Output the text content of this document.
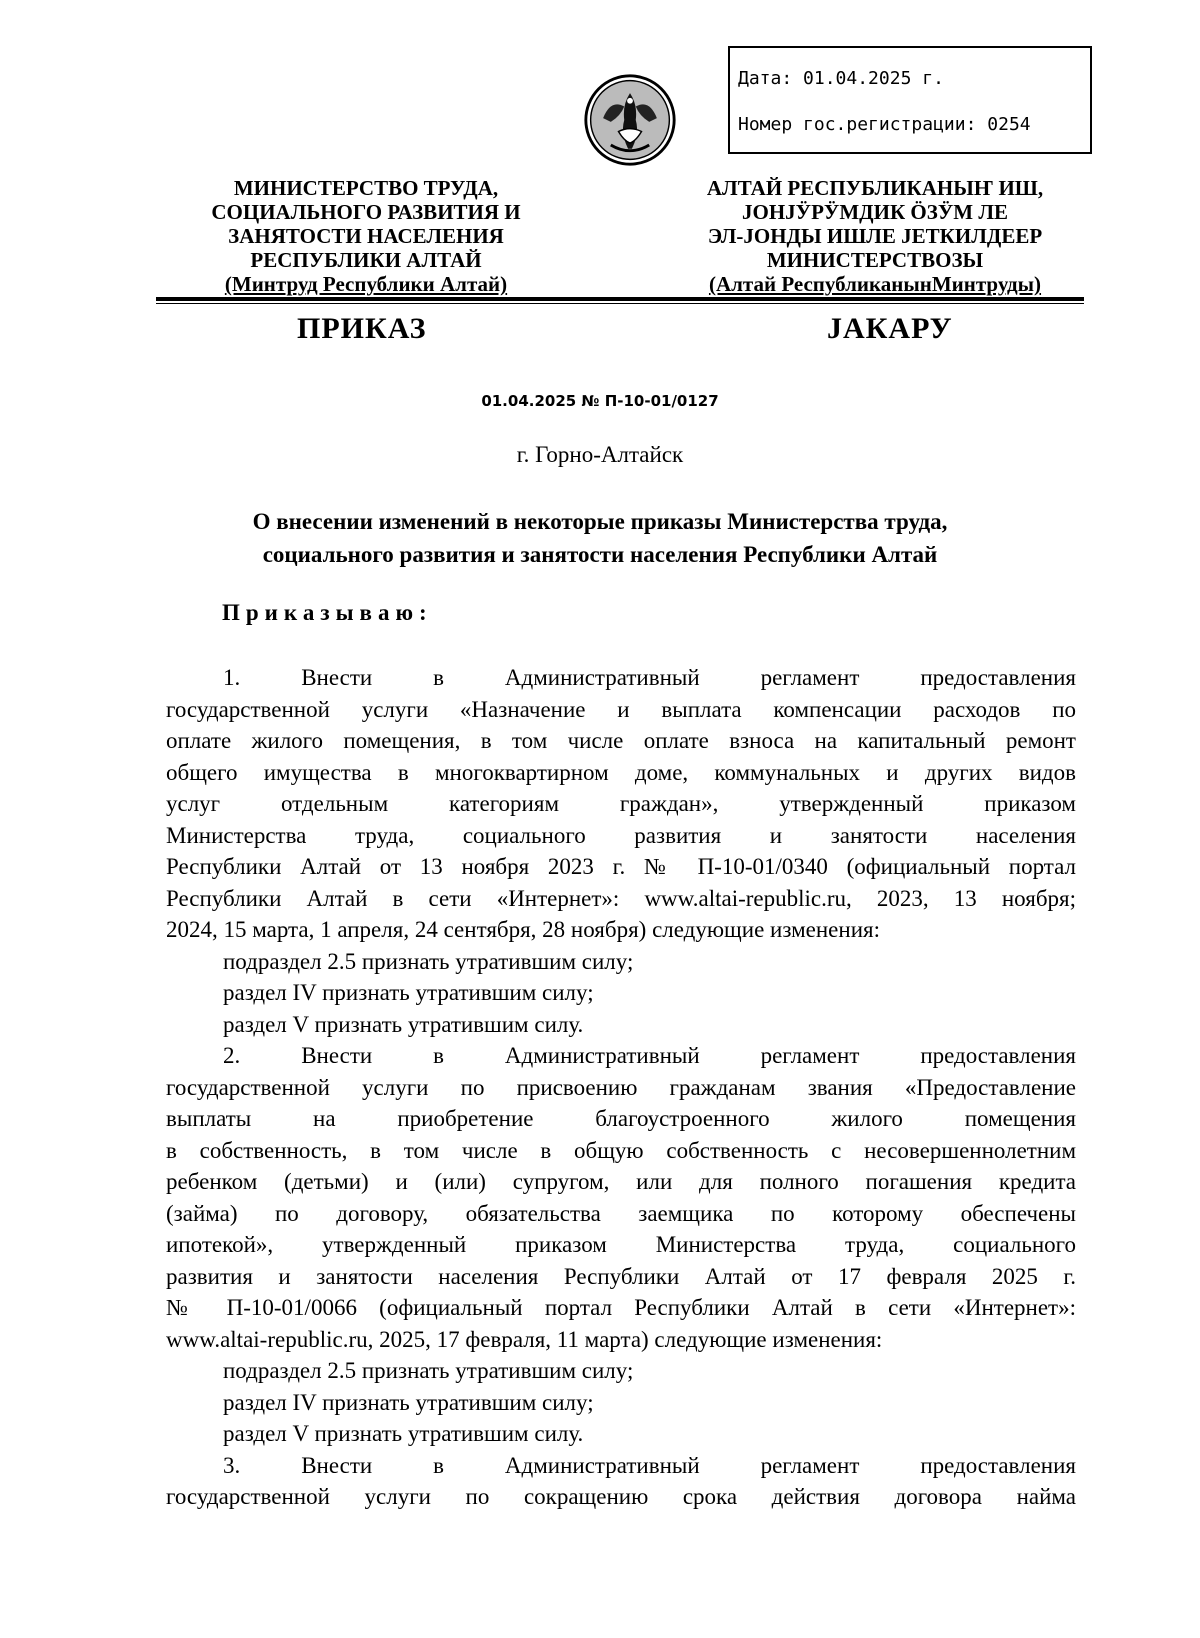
Дата: 01.04.2025 г.
Номер гос.регистрации: 0254
МИНИСТЕРСТВО ТРУДА,
СОЦИАЛЬНОГО РАЗВИТИЯ И
ЗАНЯТОСТИ НАСЕЛЕНИЯ
РЕСПУБЛИКИ АЛТАЙ
(Минтруд Республики Алтай)
АЛТАЙ РЕСПУБЛИКАНЫҤ ИШ,
ЈОНЈӰРӰМДИК ӦЗӰМ ЛЕ
ЭЛ-ЈОНДЫ ИШЛЕ ЈЕТКИЛДЕЕР
МИНИСТЕРСТВОЗЫ
(Алтай РеспубликанынМинтруды)
ПРИКАЗ	ЈАКАРУ
01.04.2025 № П-10-01/0127
г. Горно-Алтайск
О внесении изменений в некоторые приказы Министерства труда,
социального развития и занятости населения Республики Алтай
Приказываю:
1. Внести в Административный регламент предоставления
государственной услуги «Назначение и выплата компенсации расходов по
оплате жилого помещения, в том числе оплате взноса на капитальный ремонт
общего имущества в многоквартирном доме, коммунальных и других видов
услуг отдельным категориям граждан», утвержденный приказом
Министерства труда, социального развития и занятости населения
Республики Алтай от 13 ноября 2023 г. № П-10-01/0340 (официальный портал
Республики Алтай в сети «Интернет»: www.altai-republic.ru, 2023, 13 ноября;
2024, 15 марта, 1 апреля, 24 сентября, 28 ноября) следующие изменения:
подраздел 2.5 признать утратившим силу;
раздел IV признать утратившим силу;
раздел V признать утратившим силу.
2. Внести в Административный регламент предоставления
государственной услуги по присвоению гражданам звания «Предоставление
выплаты на приобретение благоустроенного жилого помещения
в собственность, в том числе в общую собственность с несовершеннолетним
ребенком (детьми) и (или) супругом, или для полного погашения кредита
(займа) по договору, обязательства заемщика по которому обеспечены
ипотекой», утвержденный приказом Министерства труда, социального
развития и занятости населения Республики Алтай от 17 февраля 2025 г.
№ П-10-01/0066 (официальный портал Республики Алтай в сети «Интернет»:
www.altai-republic.ru, 2025, 17 февраля, 11 марта) следующие изменения:
подраздел 2.5 признать утратившим силу;
раздел IV признать утратившим силу;
раздел V признать утратившим силу.
3. Внести в Административный регламент предоставления
государственной услуги по сокращению срока действия договора найма
